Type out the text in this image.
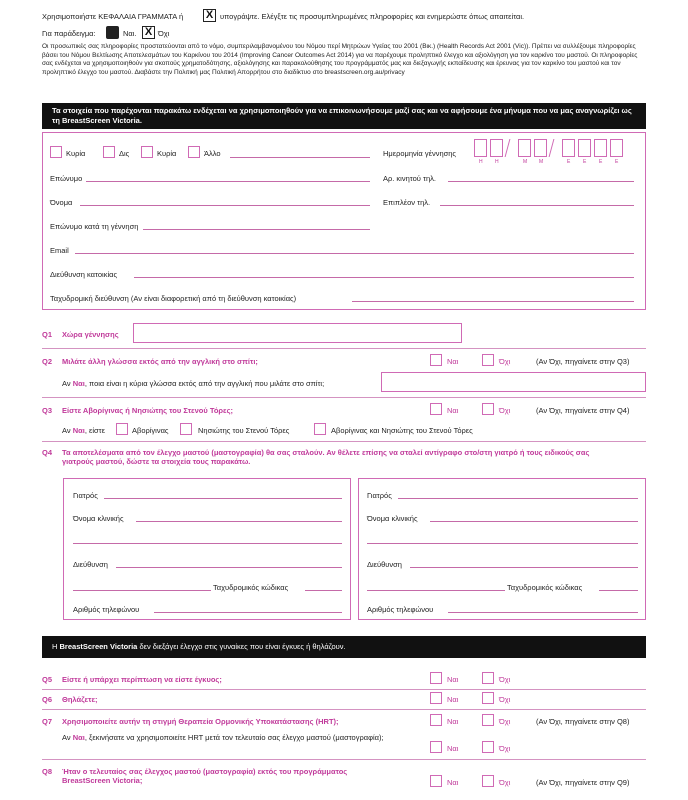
Χρησιμοποιήστε ΚΕΦΑΛΑΙΑ ΓΡΑΜΜΑΤΑ ή X υπογράψτε. Ελέγξτε τις προσυμπληρωμένες πληροφορίες και ενημερώστε όπως απαιτείται.
Για παράδειγμα:	Ναι. X Όχι
Οι προσωπικές σας πληροφορίες προστατεύονται από το νόμο, συμπεριλαμβανομένου του Νόμου περί Μητρώων Υγείας του 2001 (Βικ.) (Health Records Act 2001 (Vic)). Πρέπει να συλλέξουμε πληροφορίες βάσει του Νόμου Βελτίωσης Αποτελεσμάτων του Καρκίνου του 2014 (Improving Cancer Outcomes Act 2014) για να παρέχουμε προληπτικό έλεγχο και αξιολόγηση για τον καρκίνο του μαστού. Οι πληροφορίες σας ενδέχεται να χρησιμοποιηθούν για σκοπούς χρηματοδότησης, αξιολόγησης και παρακολούθησης του προγράμματός μας και διεξαγωγής εκπαίδευσης και έρευνας για τον καρκίνο του μαστού και τον προληπτικό έλεγχο του μαστού. Διαβάστε την Πολιτική μας Πολιτική Απορρήτου στο διαδίκτυο στο breastscreen.org.au/privacy
Τα στοιχεία που παρέχονται παρακάτω ενδέχεται να χρησιμοποιηθούν για να επικοινωνήσουμε μαζί σας και να αφήσουμε ένα μήνυμα που να μας αναγνωρίζει ως τη BreastScreen Victoria.
Κυρία	Δις	Κυρία	Άλλο	Ημερομηνία γέννησης
Η Η	Μ Μ	Ε	Ε	Ε	Ε
Επώνυμο	Αρ. κινητού τηλ.
Όνομα	Επιπλέον τηλ.
Επώνυμο κατά τη γέννηση
Email
Διεύθυνση κατοικίας
Ταχυδρομική διεύθυνση (Αν είναι διαφορετική από τη διεύθυνση κατοικίας)
Q1 Χώρα γέννησης
Q2 Μιλάτε άλλη γλώσσα εκτός από την αγγλική στο σπίτι;	Ναι	Όχι	(Αν Όχι, πηγαίνετε στην Q3)
Αν Ναι, ποια είναι η κύρια γλώσσα εκτός από την αγγλική που μιλάτε στο σπίτι;
Q3 Είστε Αβορίγινας ή Νησιώτης του Στενού Τόρες;	Ναι	Όχι	(Αν Όχι, πηγαίνετε στην Q4)
Αν Ναι, είστε	Αβορίγινας	Νησιώτης του Στενού Τόρες	Αβορίγινας και Νησιώτης του Στενού Τόρες
Q4 Τα αποτελέσματα από τον έλεγχο μαστού (μαστογραφία) θα σας σταλούν. Αν θέλετε επίσης να σταλεί αντίγραφο στο/στη γιατρό ή τους ειδικούς σας γιατρούς μαστού, δώστε τα στοιχεία τους παρακάτω.
Γιατρός
Όνομα κλινικής
Διεύθυνση
Ταχυδρομικός κώδικας
Αριθμός τηλεφώνου
Γιατρός
Όνομα κλινικής
Διεύθυνση
Ταχυδρομικός κώδικας
Αριθμός τηλεφώνου
Η BreastScreen Victoria δεν διεξάγει έλεγχο στις γυναίκες που είναι έγκυες ή θηλάζουν.
Q5 Είστε ή υπάρχει περίπτωση να είστε έγκυος;	Ναι	Όχι
Q6 Θηλάζετε;	Ναι	Όχι
Q7 Χρησιμοποιείτε αυτήν τη στιγμή Θεραπεία Ορμονικής Υποκατάστασης (HRT);	Ναι	Όχι	(Αν Όχι, πηγαίνετε στην Q8)
Αν Ναι, ξεκινήσατε να χρησιμοποιείτε HRT μετά τον τελευταίο σας έλεγχο μαστού (μαστογραφία);
Ναι	Όχι
Q8 Ήταν ο τελευταίος σας έλεγχος μαστού (μαστογραφία) εκτός του προγράμματος BreastScreen Victoria;	Ναι	Όχι	(Αν Όχι, πηγαίνετε στην Q9)
